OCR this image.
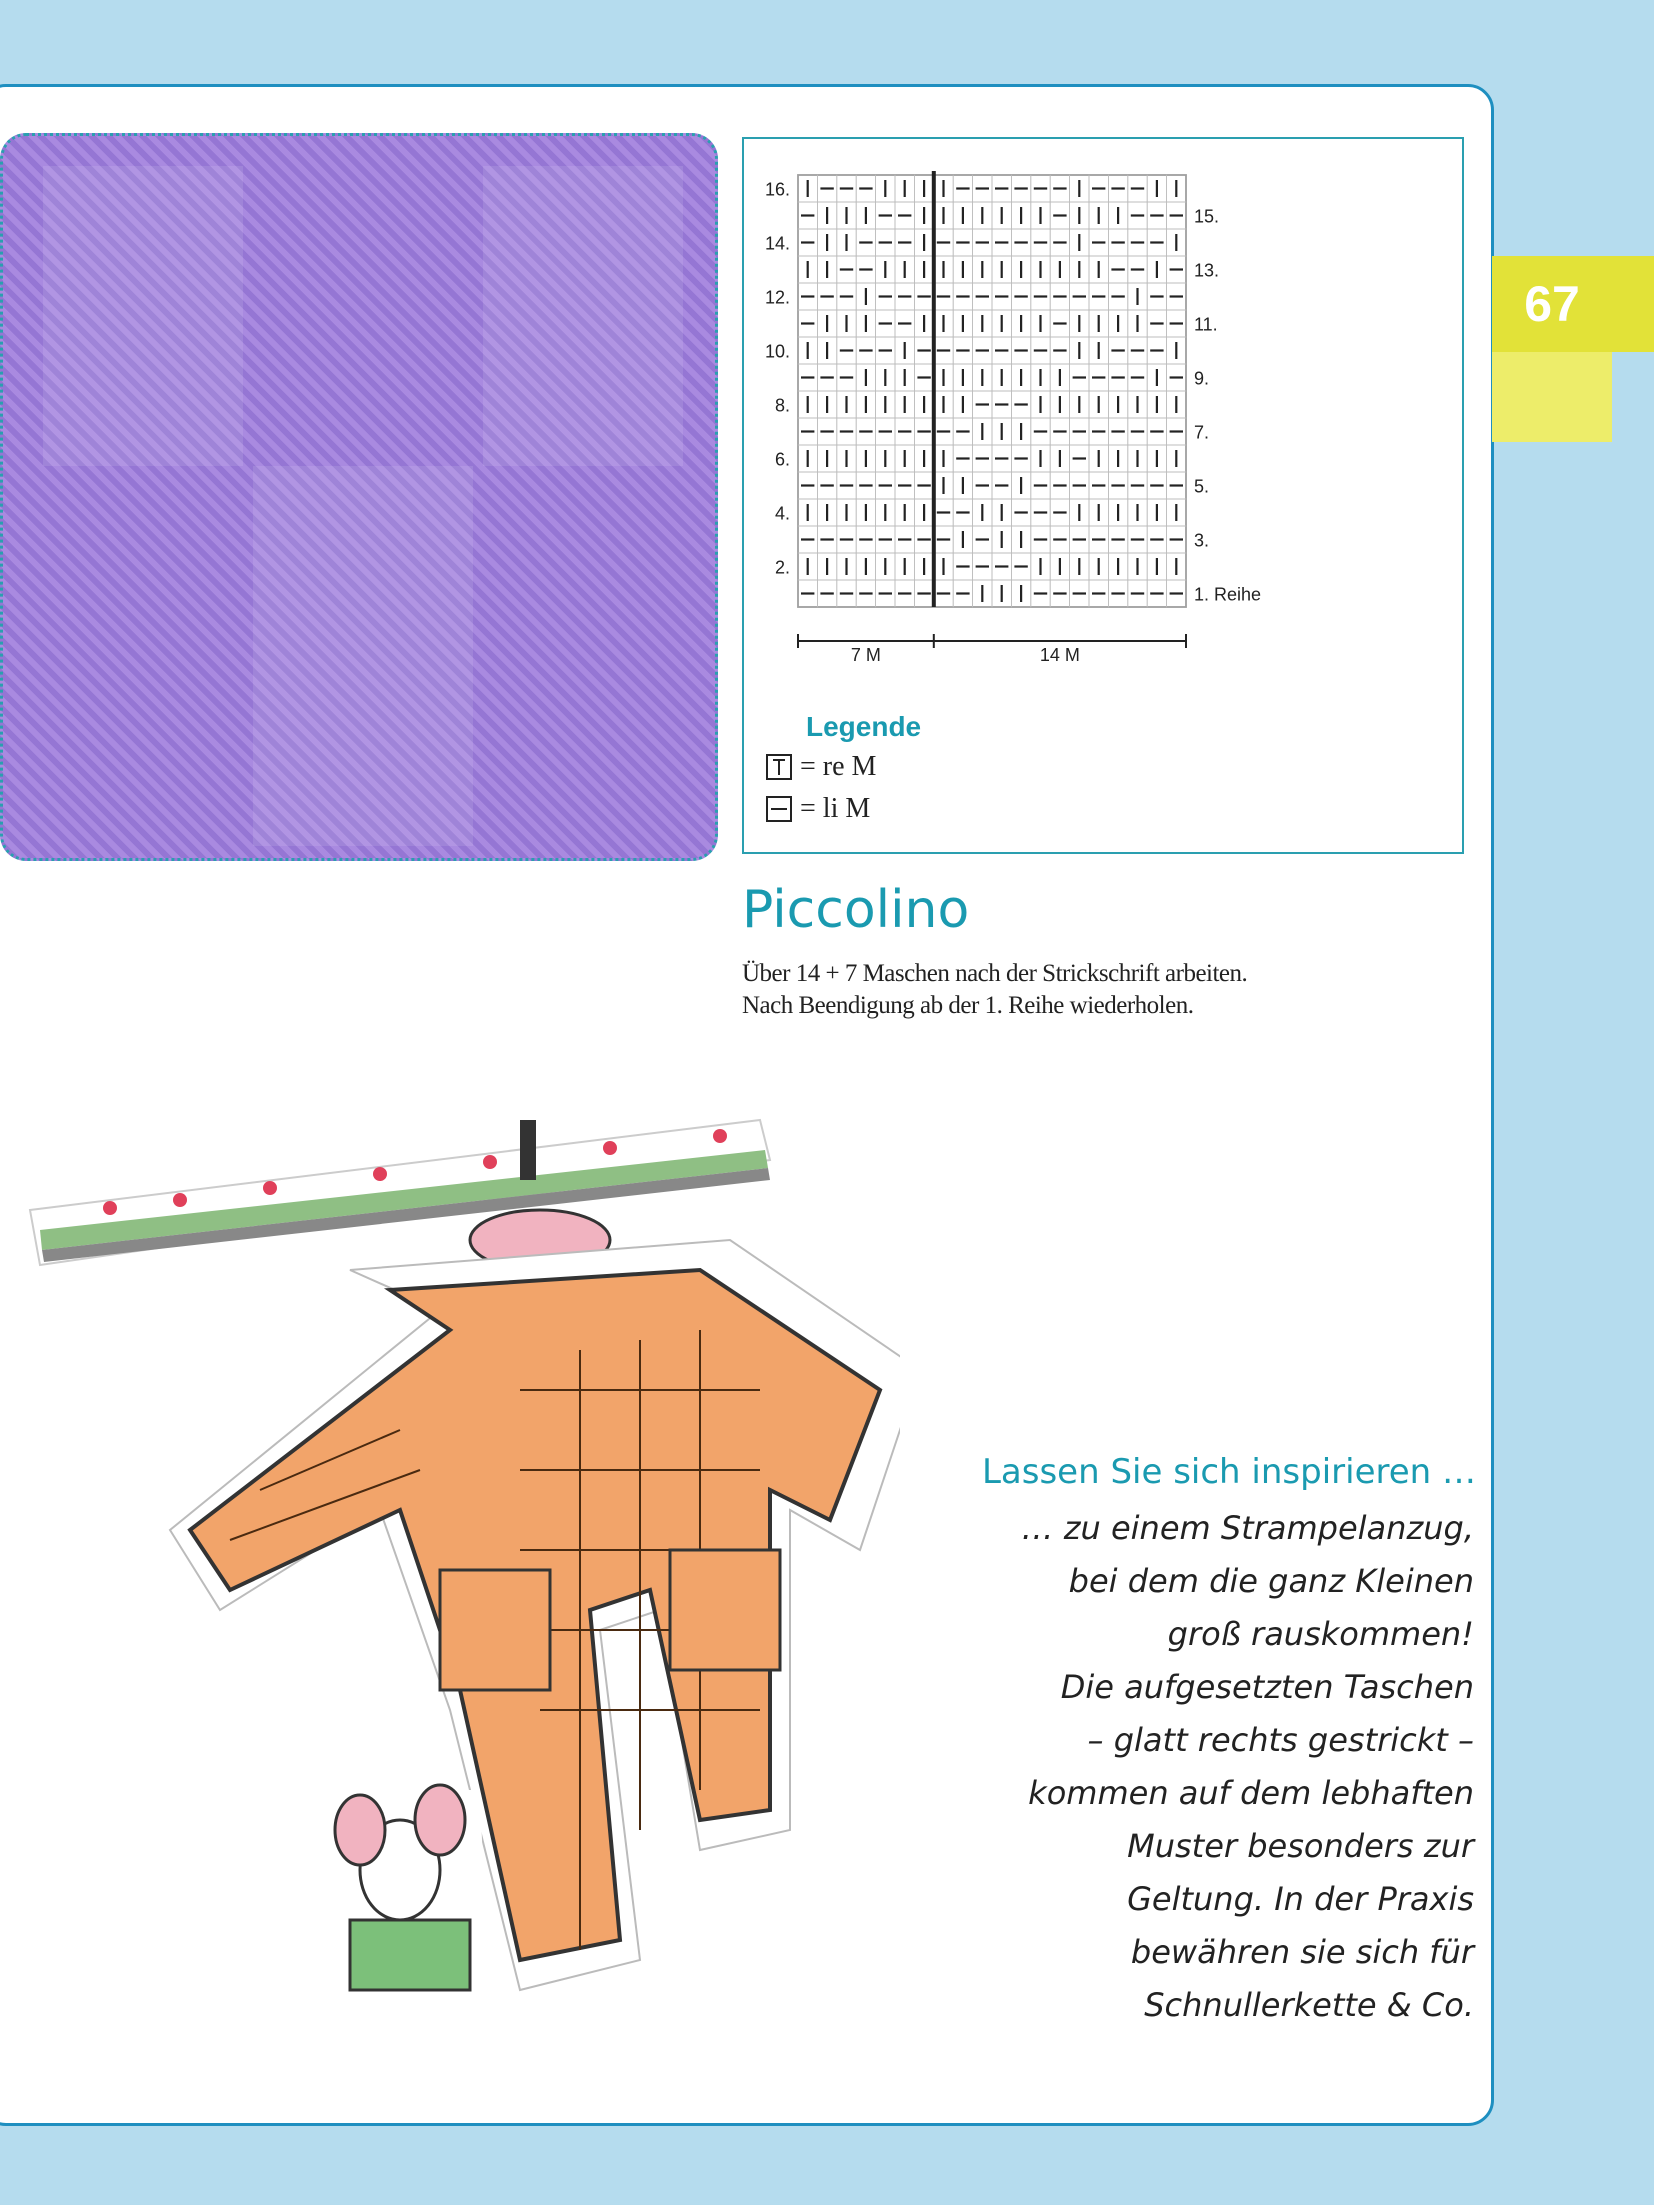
67
16.
14.
12.
10.
8.
6.
4.
2.
15.
13.
11.
9.
7.
5.
3.
1. Reihe
7 M	14 M
Legende
= re M
= li M
Piccolino
Über 14 + 7 Maschen nach der Strickschrift arbeiten.
Nach Beendigung ab der 1. Reihe wiederholen.
Lassen Sie sich inspirieren …
… zu einem Strampelanzug,
bei dem die ganz Kleinen
groß rauskommen!
Die aufgesetzten Taschen
– glatt rechts gestrickt –
kommen auf dem lebhaften
Muster besonders zur
Geltung. In der Praxis
bewähren sie sich für
Schnullerkette & Co.
